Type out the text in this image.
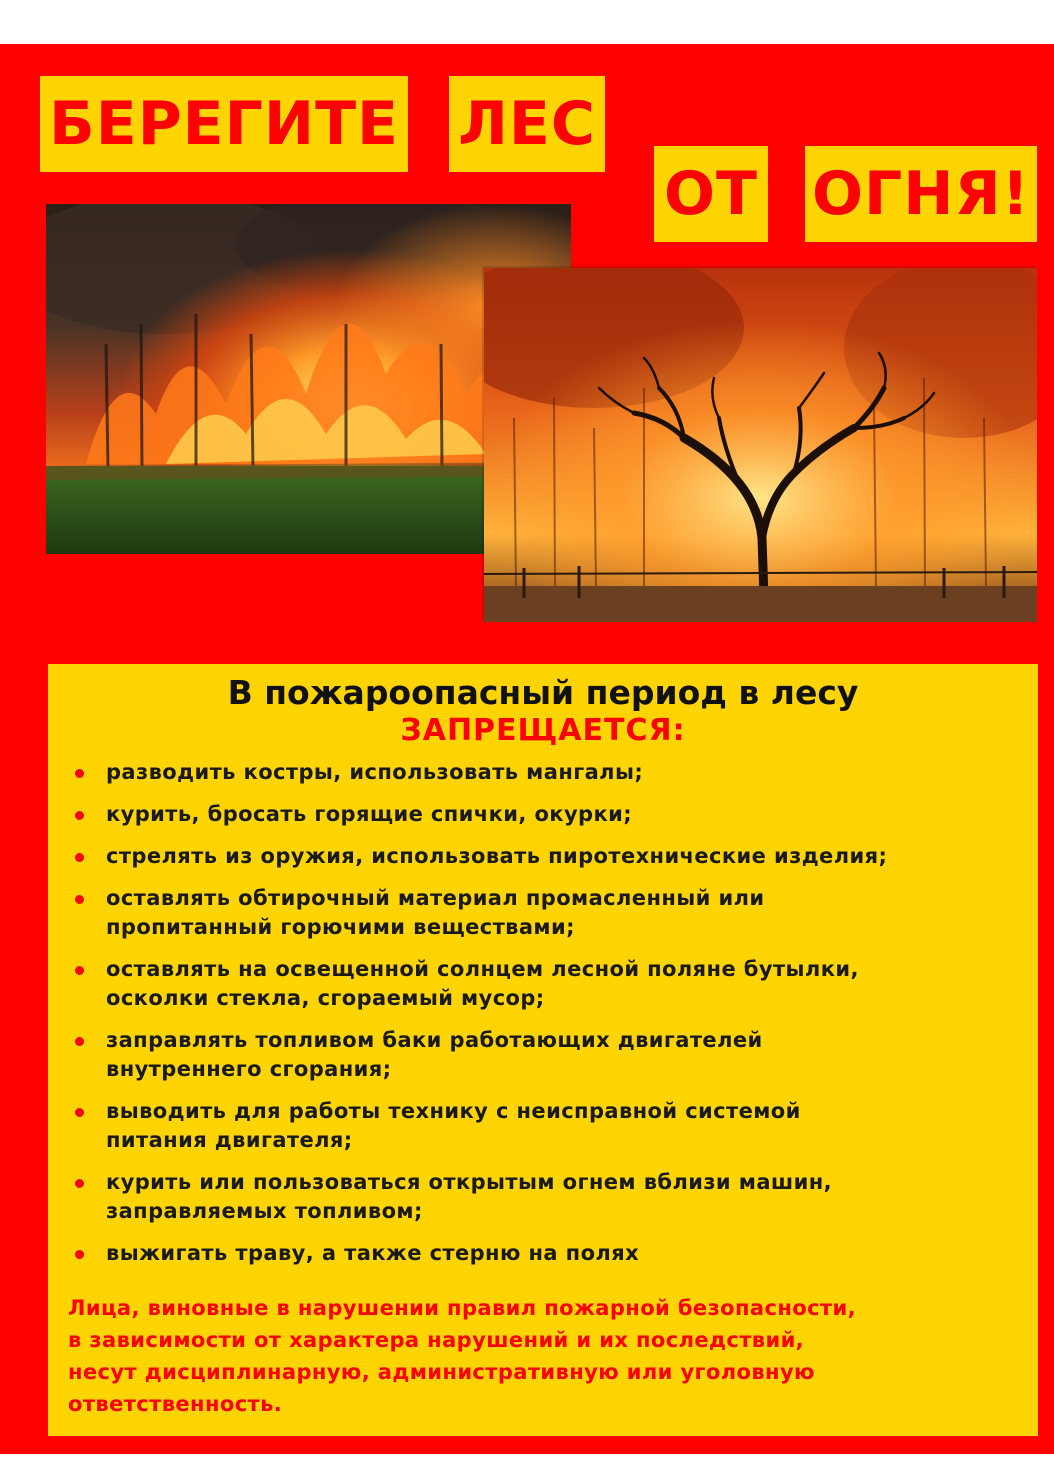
БЕРЕГИТЕ ЛЕС
ОТ ОГНЯ!
В пожароопасный период в лесу
ЗАПРЕЩАЕТСЯ:
разводить костры, использовать мангалы;
курить, бросать горящие спички, окурки;
стрелять из оружия, использовать пиротехнические изделия;
оставлять обтирочный материал промасленный или
пропитанный горючими веществами;
оставлять на освещенной солнцем лесной поляне бутылки,
осколки стекла, сгораемый мусор;
заправлять топливом баки работающих двигателей
внутреннего сгорания;
выводить для работы технику с неисправной системой
питания двигателя;
курить или пользоваться открытым огнем вблизи машин,
заправляемых топливом;
выжигать траву, а также стерню на полях
Лица, виновные в нарушении правил пожарной безопасности,
в зависимости от характера нарушений и их последствий,
несут дисциплинарную, административную или уголовную
ответственность.
